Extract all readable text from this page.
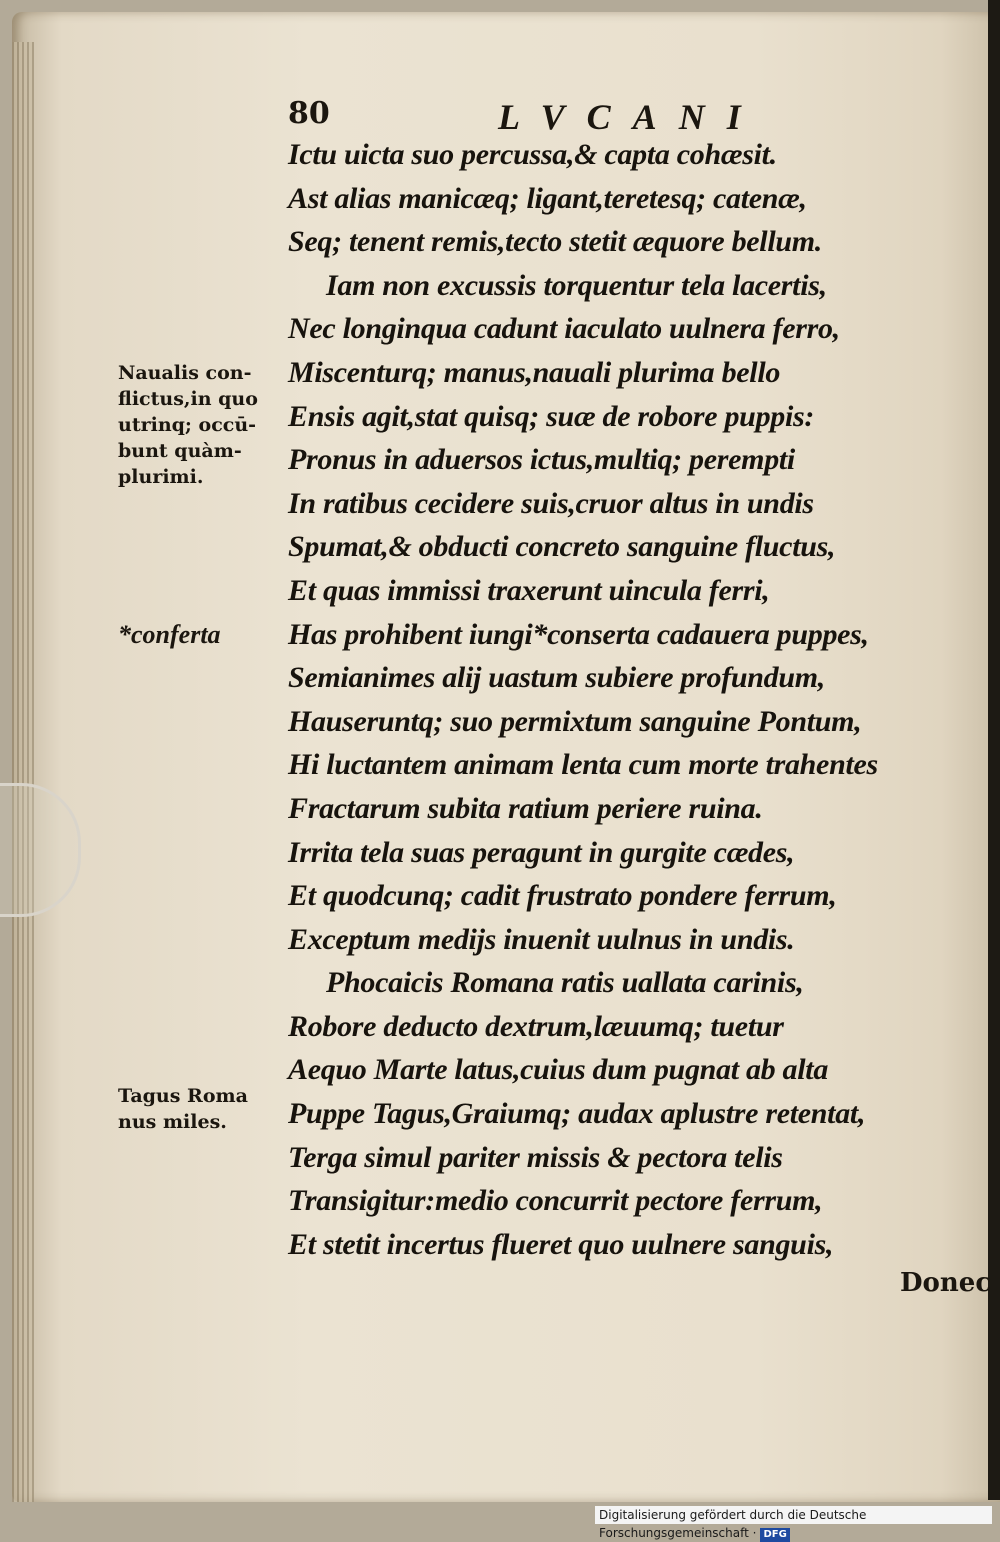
80	LVCANI
Ictu uicta suo percussa,& capta cohæsit.
Ast alias manicæq; ligant,teretesq; catenæ,
Seq; tenent remis,tecto stetit æquore bellum.
Iam non excussis torquentur tela lacertis,
Nec longinqua cadunt iaculato uulnera ferro,
Miscenturq; manus,nauali plurima bello
Ensis agit,stat quisq; suæ de robore puppis:
Pronus in aduersos ictus,multiq; perempti
In ratibus cecidere suis,cruor altus in undis
Spumat,& obducti concreto sanguine fluctus,
Et quas immissi traxerunt uincula ferri,
Has prohibent iungi*conserta cadauera puppes,
Semianimes alij uastum subiere profundum,
Hauseruntq; suo permixtum sanguine Pontum,
Hi luctantem animam lenta cum morte trahentes
Fractarum subita ratium periere ruina.
Irrita tela suas peragunt in gurgite cædes,
Et quodcunq; cadit frustrato pondere ferrum,
Exceptum medijs inuenit uulnus in undis.
Phocaicis Romana ratis uallata carinis,
Robore deducto dextrum,læuumq; tuetur
Aequo Marte latus,cuius dum pugnat ab alta
Puppe Tagus,Graiumq; audax aplustre retentat,
Terga simul pariter missis & pectora telis
Transigitur:medio concurrit pectore ferrum,
Et stetit incertus flueret quo uulnere sanguis,
Naualis con-
flictus,in quo
utrinq; occū-
bunt quàm-
plurimi.
*conferta
Tagus Roma
nus miles.
Donec
Digitalisierung gefördert durch die Deutsche Forschungsgemeinschaft · DFG
